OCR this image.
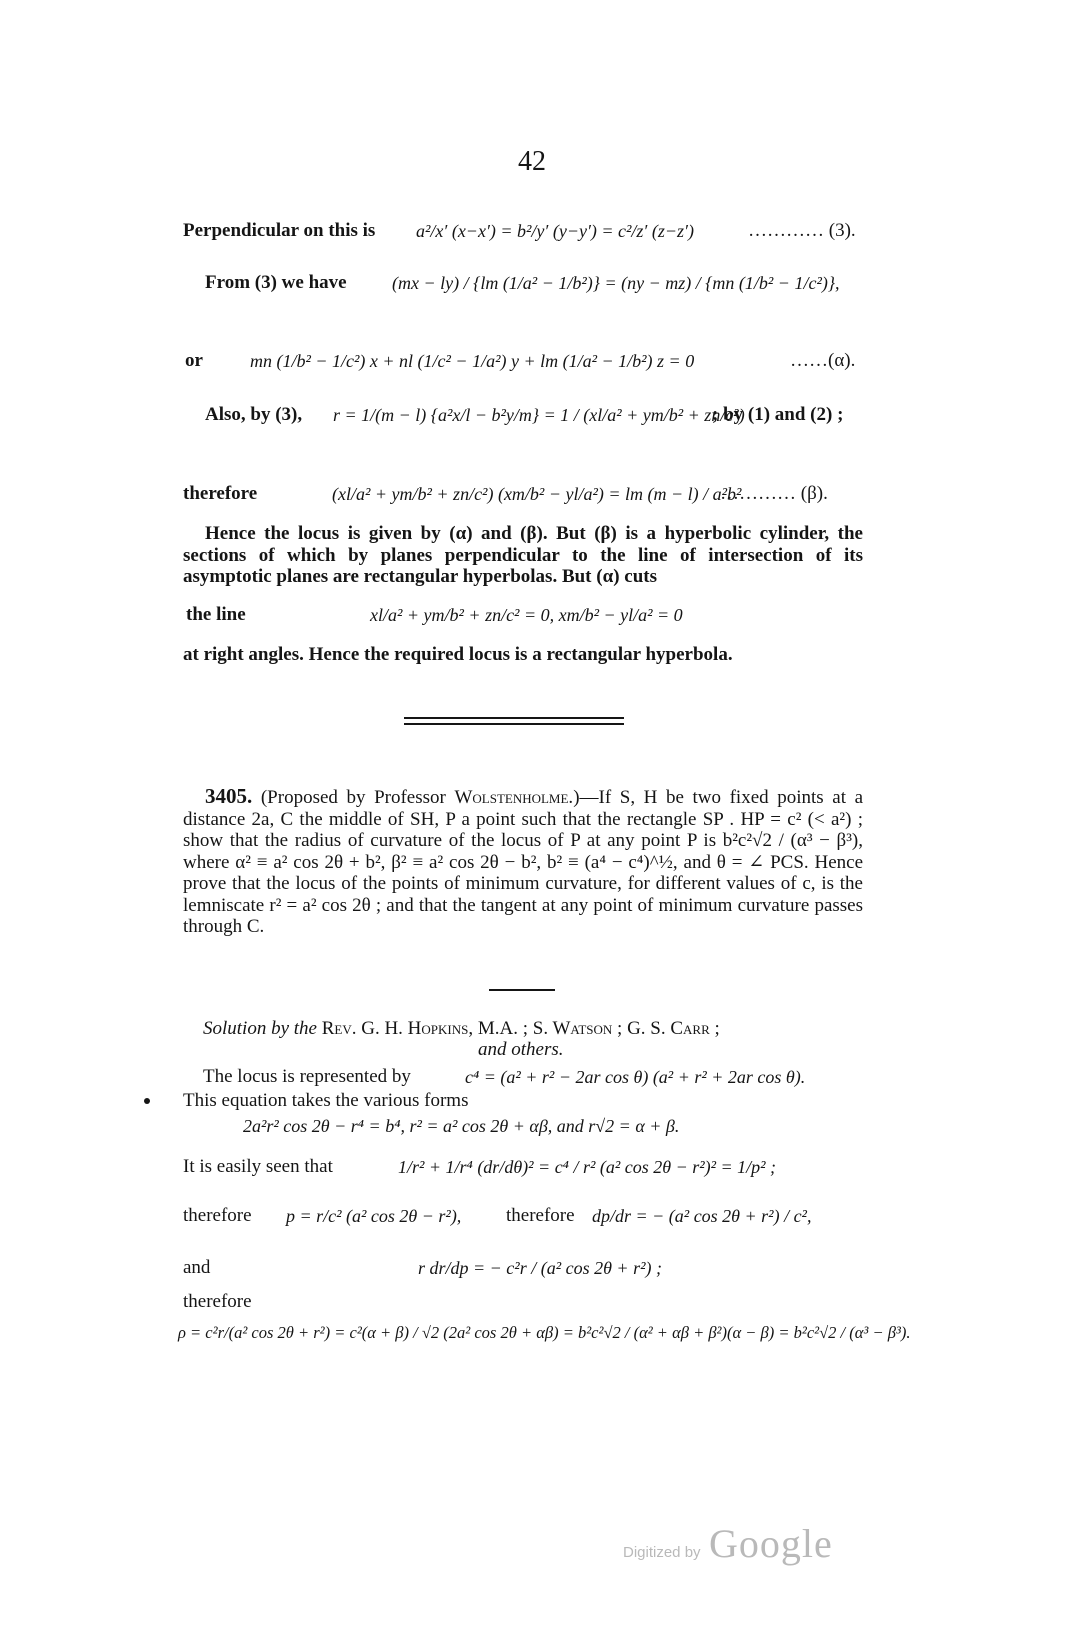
42
Perpendicular on this is a²/x′ (x−x′) = b²/y′ (y−y′) = c²/z′ (z−z′)	………… (3).
From (3) we have	(mx − ly) / {lm (1/a² − 1/b²)} = (ny − mz) / {mn (1/b² − 1/c²)},
or	mn (1/b² − 1/c²) x + nl (1/c² − 1/a²) y + lm (1/a² − 1/b²) z = 0	……(α).
Also, by (3), r = 1/(m − l) {a²x/l − b²y/m} = 1 / (xl/a² + ym/b² + zn/c²)
; by (1) and (2) ;
therefore	(xl/a² + ym/b² + zn/c²) (xm/b² − yl/a²) = lm (m − l) / a²b²
………… (β).
Hence the locus is given by (α) and (β). But (β) is a hyperbolic cylinder, the sections of which by planes perpendicular to the line of intersection of its asymptotic planes are rectangular hyperbolas. But (α) cuts
the line	xl/a² + ym/b² + zn/c² = 0, xm/b² − yl/a² = 0
at right angles. Hence the required locus is a rectangular hyperbola.
3405. (Proposed by Professor Wolstenholme.)—If S, H be two fixed points at a distance 2a, C the middle of SH, P a point such that the rectangle SP . HP = c² (< a²) ; show that the radius of curvature of the locus of P at any point P is b²c²√2 / (α³ − β³), where α² ≡ a² cos 2θ + b², β² ≡ a² cos 2θ − b², b² ≡ (a⁴ − c⁴)^½, and θ = ∠ PCS. Hence prove that the locus of the points of minimum curvature, for different values of c, is the lemniscate r² = a² cos 2θ ; and that the tangent at any point of minimum curvature passes through C.
Solution by the Rev. G. H. Hopkins, M.A. ; S. Watson ; G. S. Carr ;
and others.
The locus is represented by	c⁴ = (a² + r² − 2ar cos θ) (a² + r² + 2ar cos θ).
This equation takes the various forms
2a²r² cos 2θ − r⁴ = b⁴, r² = a² cos 2θ + αβ, and r√2 = α + β.
It is easily seen that	1/r² + 1/r⁴ (dr/dθ)² = c⁴ / r² (a² cos 2θ − r²)² = 1/p² ;
therefore p = r/c² (a² cos 2θ − r²), therefore dp/dr = − (a² cos 2θ + r²) / c²,
and	r dr/dp = − c²r / (a² cos 2θ + r²) ;
therefore
ρ = c²r/(a² cos 2θ + r²) = c²(α + β) / √2 (2a² cos 2θ + αβ) = b²c²√2 / (α² + αβ + β²)(α − β) = b²c²√2 / (α³ − β³).
Digitized by Google
